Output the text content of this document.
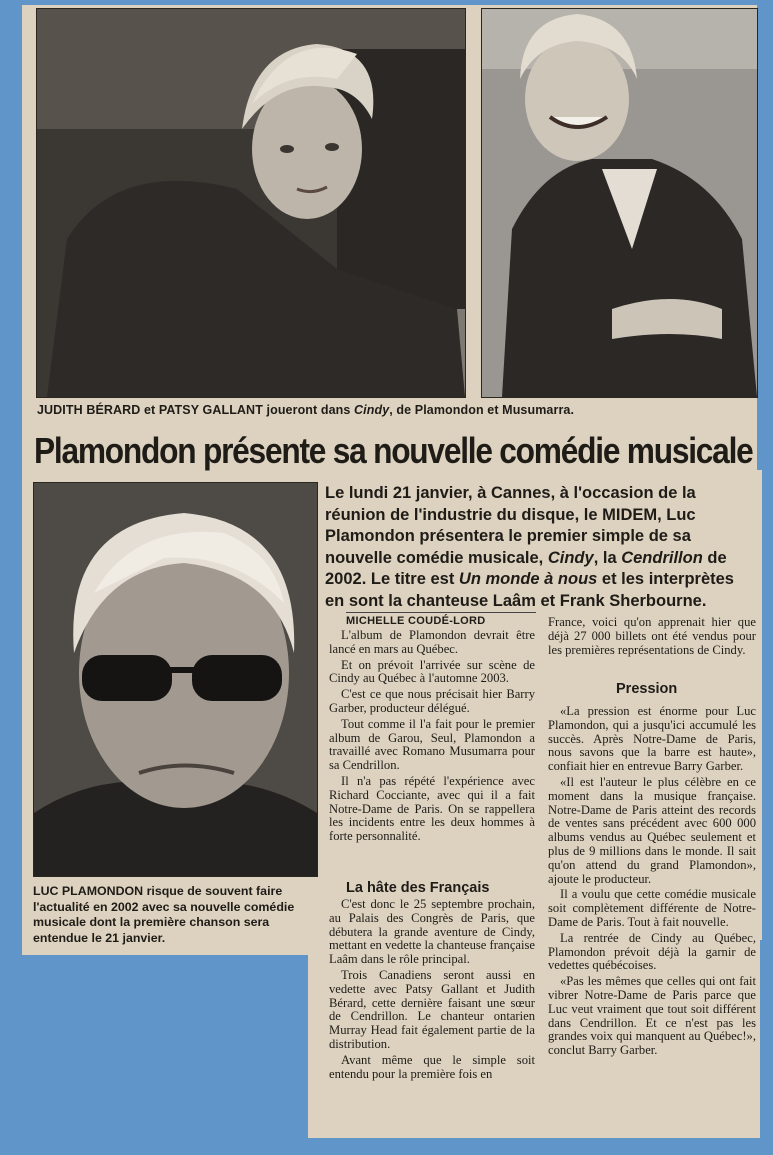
JUDITH BÉRARD et PATSY GALLANT joueront dans Cindy, de Plamondon et Musumarra.
Plamondon présente sa nouvelle comédie musicale
Le lundi 21 janvier, à Cannes, à l'occasion de la réunion de l'industrie du disque, le MIDEM, Luc Plamondon présentera le premier simple de sa nouvelle comédie musicale, Cindy, la Cendrillon de 2002. Le titre est Un monde à nous et les interprètes en sont la chanteuse Laâm et Frank Sherbourne.
MICHELLE COUDÉ-LORD

L'album de Plamondon devrait être lancé en mars au Québec.

Et on prévoit l'arrivée sur scène de Cindy au Québec à l'automne 2003.

C'est ce que nous précisait hier Barry Garber, producteur délégué.

Tout comme il l'a fait pour le premier album de Garou, Seul, Plamondon a travaillé avec Romano Musumarra pour sa Cendrillon.

Il n'a pas répété l'expérience avec Richard Cocciante, avec qui il a fait Notre-Dame de Paris. On se rappellera les incidents entre les deux hommes à forte personnalité.

La hâte des Français

C'est donc le 25 septembre prochain, au Palais des Congrès de Paris, que débutera la grande aventure de Cindy, mettant en vedette la chanteuse française Laâm dans le rôle principal.

Trois Canadiens seront aussi en vedette avec Patsy Gallant et Judith Bérard, cette dernière faisant une sœur de Cendrillon. Le chanteur ontarien Murray Head fait également partie de la distribution.

Avant même que le simple soit entendu pour la première fois en

France, voici qu'on apprenait hier que déjà 27 000 billets ont été vendus pour les premières représentations de Cindy.

Pression

«La pression est énorme pour Luc Plamondon, qui a jusqu'ici accumulé les succès. Après Notre-Dame de Paris, nous savons que la barre est haute», confiait hier en entrevue Barry Garber.

«Il est l'auteur le plus célèbre en ce moment dans la musique française. Notre-Dame de Paris atteint des records de ventes sans précédent avec 600 000 albums vendus au Québec seulement et plus de 9 millions dans le monde. Il sait qu'on attend du grand Plamondon», ajoute le producteur.

Il a voulu que cette comédie musicale soit complètement différente de Notre-Dame de Paris. Tout à fait nouvelle.

La rentrée de Cindy au Québec, Plamondon prévoit déjà la garnir de vedettes québécoises.

«Pas les mêmes que celles qui ont fait vibrer Notre-Dame de Paris parce que Luc veut vraiment que tout soit différent dans Cendrillon. Et ce n'est pas les grandes voix qui manquent au Québec!», conclut Barry Garber.

LUC PLAMONDON risque de souvent faire l'actualité en 2002 avec sa nouvelle comédie musicale dont la première chanson sera entendue le 21 janvier.
